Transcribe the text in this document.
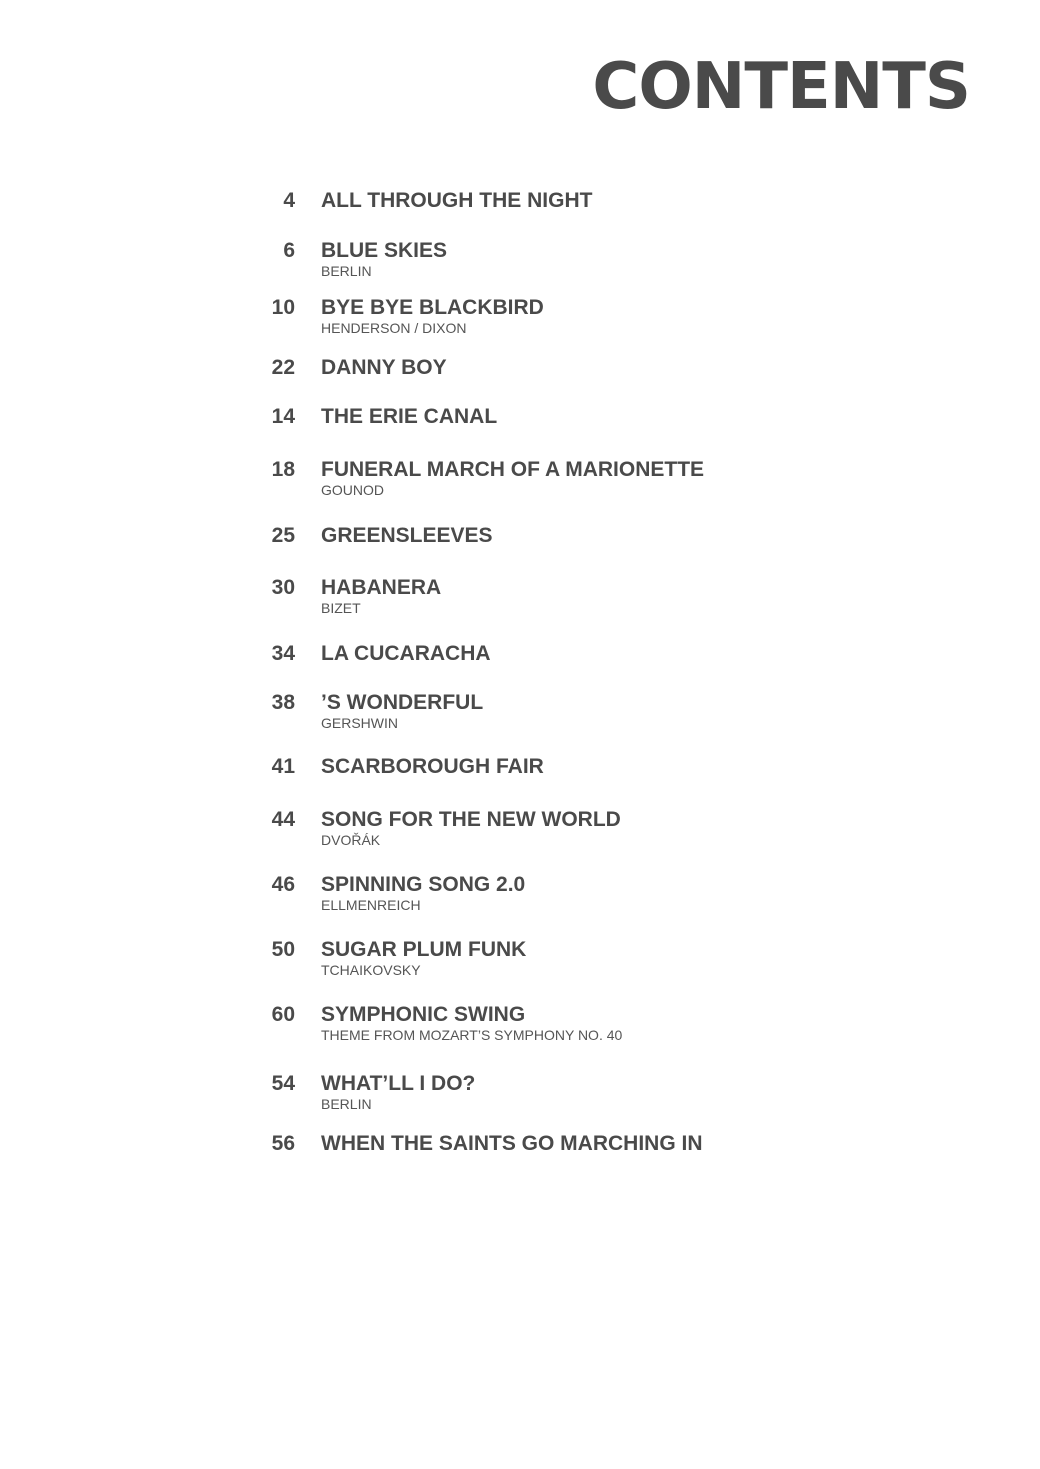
CONTENTS
4 ALL THROUGH THE NIGHT
6 BLUE SKIES
BERLIN
10 BYE BYE BLACKBIRD
HENDERSON / DIXON
22 DANNY BOY
14 THE ERIE CANAL
18 FUNERAL MARCH OF A MARIONETTE
GOUNOD
25 GREENSLEEVES
30 HABANERA
BIZET
34 LA CUCARACHA
38 ’S WONDERFUL
GERSHWIN
41 SCARBOROUGH FAIR
44 SONG FOR THE NEW WORLD
DVOŘÁK
46 SPINNING SONG 2.0
ELLMENREICH
50 SUGAR PLUM FUNK
TCHAIKOVSKY
60 SYMPHONIC SWING
THEME FROM MOZART’S SYMPHONY NO. 40
54 WHAT’LL I DO?
BERLIN
56 WHEN THE SAINTS GO MARCHING IN
